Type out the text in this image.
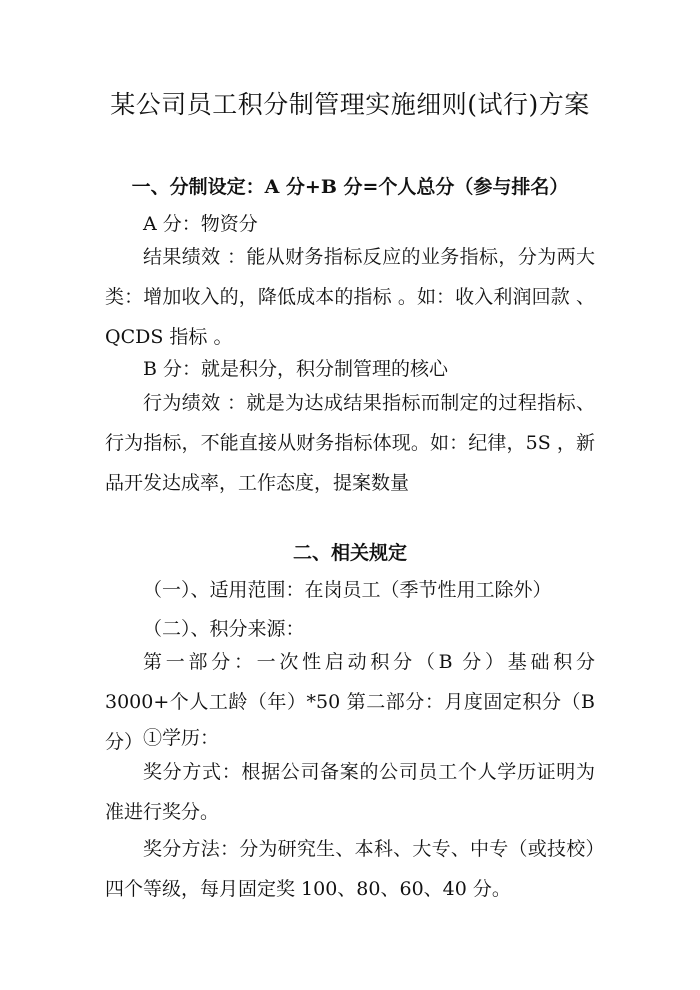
某公司员工积分制管理实施细则(试行)方案
一、分制设定：A 分+B 分=个人总分（参与排名）
A 分：物资分
结果绩效 ：能从财务指标反应的业务指标，分为两大类：增加收入的，降低成本的指标 。如：收入利润回款 、QCDS 指标 。
B 分：就是积分，积分制管理的核心
行为绩效 ：就是为达成结果指标而制定的过程指标、行为指标，不能直接从财务指标体现。如：纪律，5S ，新品开发达成率，工作态度，提案数量
二、相关规定
（一）、适用范围：在岗员工（季节性用工除外）
（二）、积分来源：
第一部分：一次性启动积分（B 分）基础积分 3000+个人工龄（年）*50 第二部分：月度固定积分（B 分） ①学历：
奖分方式：根据公司备案的公司员工个人学历证明为准进行奖分。
奖分方法：分为研究生、本科、大专、中专（或技校）四个等级，每月固定奖 100、80、60、40 分。
